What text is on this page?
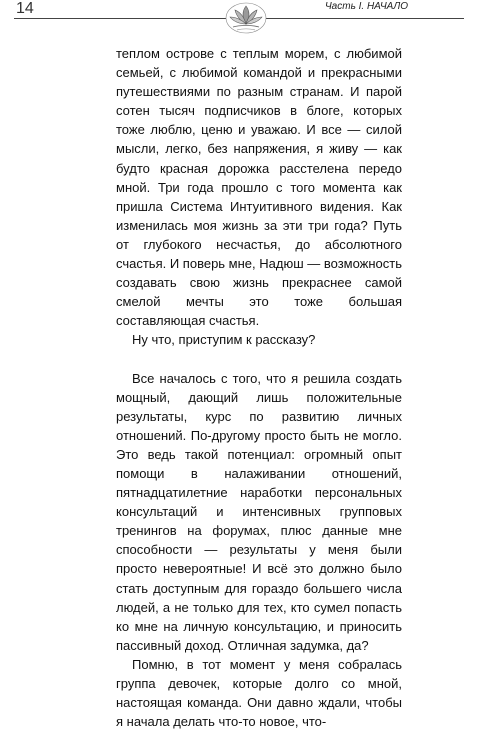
14	Часть I. НАЧАЛО

теплом острове с теплым морем, с любимой семьей, с любимой командой и прекрасными путешествиями по разным странам. И парой сотен тысяч подписчиков в блоге, которых тоже люблю, ценю и уважаю. И все — силой мысли, легко, без напряжения, я живу — как будто красная дорожка расстелена передо мной. Три года прошло с того момента как пришла Система Интуитивного видения. Как изменилась моя жизнь за эти три года? Путь от глубокого несчастья, до абсолютного счастья. И поверь мне, Надюш — возможность создавать свою жизнь прекраснее самой смелой мечты это тоже большая составляющая счастья.

Ну что, приступим к рассказу?

Все началось с того, что я решила создать мощный, дающий лишь положительные результаты, курс по развитию личных отношений. По-другому просто быть не могло. Это ведь такой потенциал: огромный опыт помощи в налаживании отношений, пятнадцатилетние наработки персональных консультаций и интенсивных групповых тренингов на форумах, плюс данные мне способности — результаты у меня были просто невероятные! И всё это должно было стать доступным для гораздо большего числа людей, а не только для тех, кто сумел попасть ко мне на личную консультацию, и приносить пассивный доход. Отличная задумка, да?

Помню, в тот момент у меня собралась группа девочек, которые долго со мной, настоящая команда. Они давно ждали, чтобы я начала делать что-то новое, что-
